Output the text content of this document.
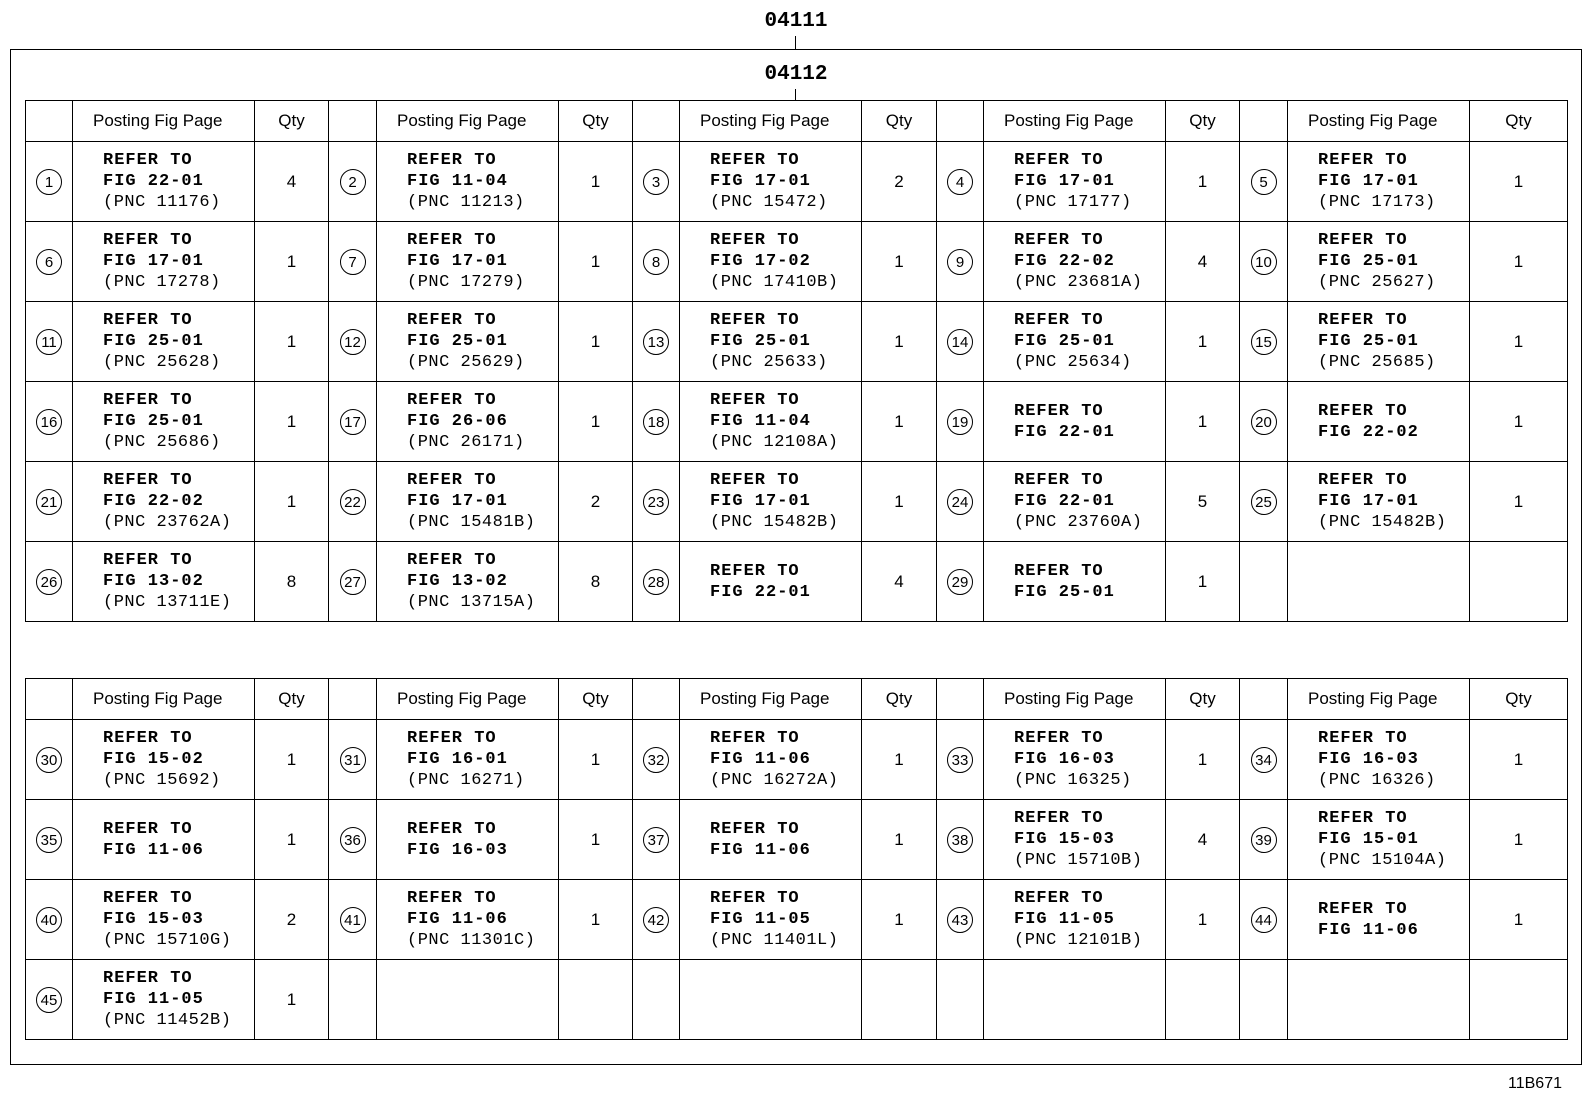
04111
04112
	Posting Fig Page	Qty		Posting Fig Page	Qty		Posting Fig Page	Qty		Posting Fig Page	Qty		Posting Fig Page	Qty
1	REFER TO
FIG 22-01
(PNC 11176)	4	2	REFER TO
FIG 11-04
(PNC 11213)	1	3	REFER TO
FIG 17-01
(PNC 15472)	2	4	REFER TO
FIG 17-01
(PNC 17177)	1	5	REFER TO
FIG 17-01
(PNC 17173)	1
6	REFER TO
FIG 17-01
(PNC 17278)	1	7	REFER TO
FIG 17-01
(PNC 17279)	1	8	REFER TO
FIG 17-02
(PNC 17410B)	1	9	REFER TO
FIG 22-02
(PNC 23681A)	4	10	REFER TO
FIG 25-01
(PNC 25627)	1
11	REFER TO
FIG 25-01
(PNC 25628)	1	12	REFER TO
FIG 25-01
(PNC 25629)	1	13	REFER TO
FIG 25-01
(PNC 25633)	1	14	REFER TO
FIG 25-01
(PNC 25634)	1	15	REFER TO
FIG 25-01
(PNC 25685)	1
16	REFER TO
FIG 25-01
(PNC 25686)	1	17	REFER TO
FIG 26-06
(PNC 26171)	1	18	REFER TO
FIG 11-04
(PNC 12108A)	1	19	REFER TO
FIG 22-01	1	20	REFER TO
FIG 22-02	1
21	REFER TO
FIG 22-02
(PNC 23762A)	1	22	REFER TO
FIG 17-01
(PNC 15481B)	2	23	REFER TO
FIG 17-01
(PNC 15482B)	1	24	REFER TO
FIG 22-01
(PNC 23760A)	5	25	REFER TO
FIG 17-01
(PNC 15482B)	1
26	REFER TO
FIG 13-02
(PNC 13711E)	8	27	REFER TO
FIG 13-02
(PNC 13715A)	8	28	REFER TO
FIG 22-01	4	29	REFER TO
FIG 25-01	1			
	Posting Fig Page	Qty		Posting Fig Page	Qty		Posting Fig Page	Qty		Posting Fig Page	Qty		Posting Fig Page	Qty
30	REFER TO
FIG 15-02
(PNC 15692)	1	31	REFER TO
FIG 16-01
(PNC 16271)	1	32	REFER TO
FIG 11-06
(PNC 16272A)	1	33	REFER TO
FIG 16-03
(PNC 16325)	1	34	REFER TO
FIG 16-03
(PNC 16326)	1
35	REFER TO
FIG 11-06	1	36	REFER TO
FIG 16-03	1	37	REFER TO
FIG 11-06	1	38	REFER TO
FIG 15-03
(PNC 15710B)	4	39	REFER TO
FIG 15-01
(PNC 15104A)	1
40	REFER TO
FIG 15-03
(PNC 15710G)	2	41	REFER TO
FIG 11-06
(PNC 11301C)	1	42	REFER TO
FIG 11-05
(PNC 11401L)	1	43	REFER TO
FIG 11-05
(PNC 12101B)	1	44	REFER TO
FIG 11-06	1
45	REFER TO
FIG 11-05
(PNC 11452B)	1												
11B671
